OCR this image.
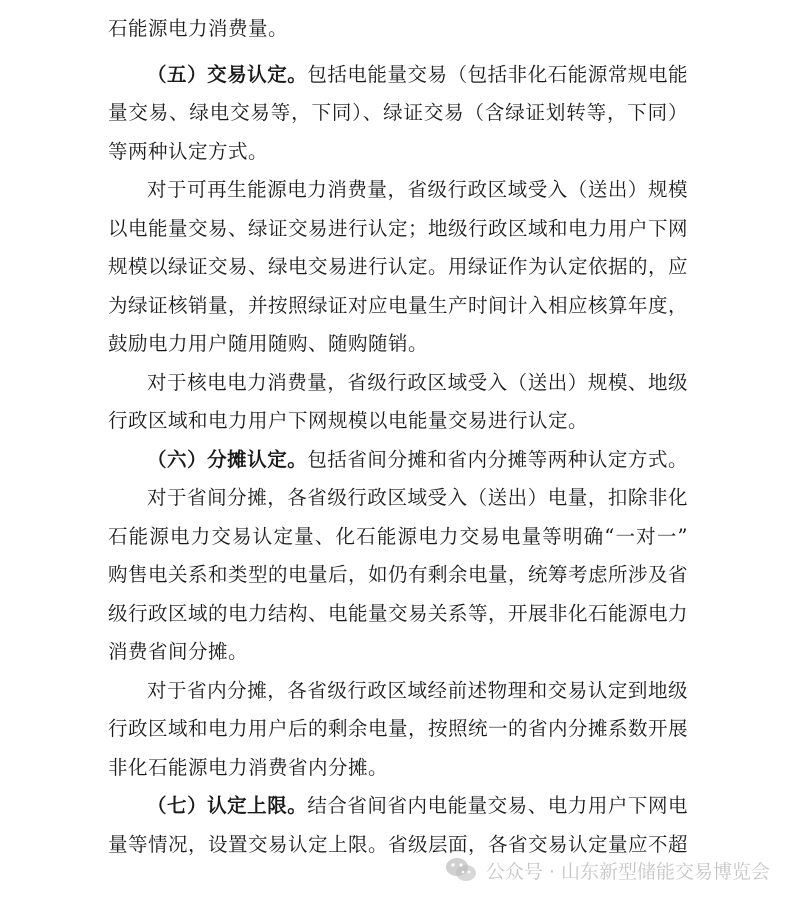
石能源电力消费量。
（五）交易认定。包括电能量交易（包括非化石能源常规电能
量交易、绿电交易等，下同）、绿证交易（含绿证划转等，下同）
等两种认定方式。
对于可再生能源电力消费量，省级行政区域受入（送出）规模
以电能量交易、绿证交易进行认定；地级行政区域和电力用户下网
规模以绿证交易、绿电交易进行认定。用绿证作为认定依据的，应
为绿证核销量，并按照绿证对应电量生产时间计入相应核算年度，
鼓励电力用户随用随购、随购随销。
对于核电电力消费量，省级行政区域受入（送出）规模、地级
行政区域和电力用户下网规模以电能量交易进行认定。
（六）分摊认定。包括省间分摊和省内分摊等两种认定方式。
对于省间分摊，各省级行政区域受入（送出）电量，扣除非化
石能源电力交易认定量、化石能源电力交易电量等明确“一对一”
购售电关系和类型的电量后，如仍有剩余电量，统筹考虑所涉及省
级行政区域的电力结构、电能量交易关系等，开展非化石能源电力
消费省间分摊。
对于省内分摊，各省级行政区域经前述物理和交易认定到地级
行政区域和电力用户后的剩余电量，按照统一的省内分摊系数开展
非化石能源电力消费省内分摊。
（七）认定上限。结合省间省内电能量交易、电力用户下网电
量等情况，设置交易认定上限。省级层面，各省交易认定量应不超
公众号 · 山东新型储能交易博览会
